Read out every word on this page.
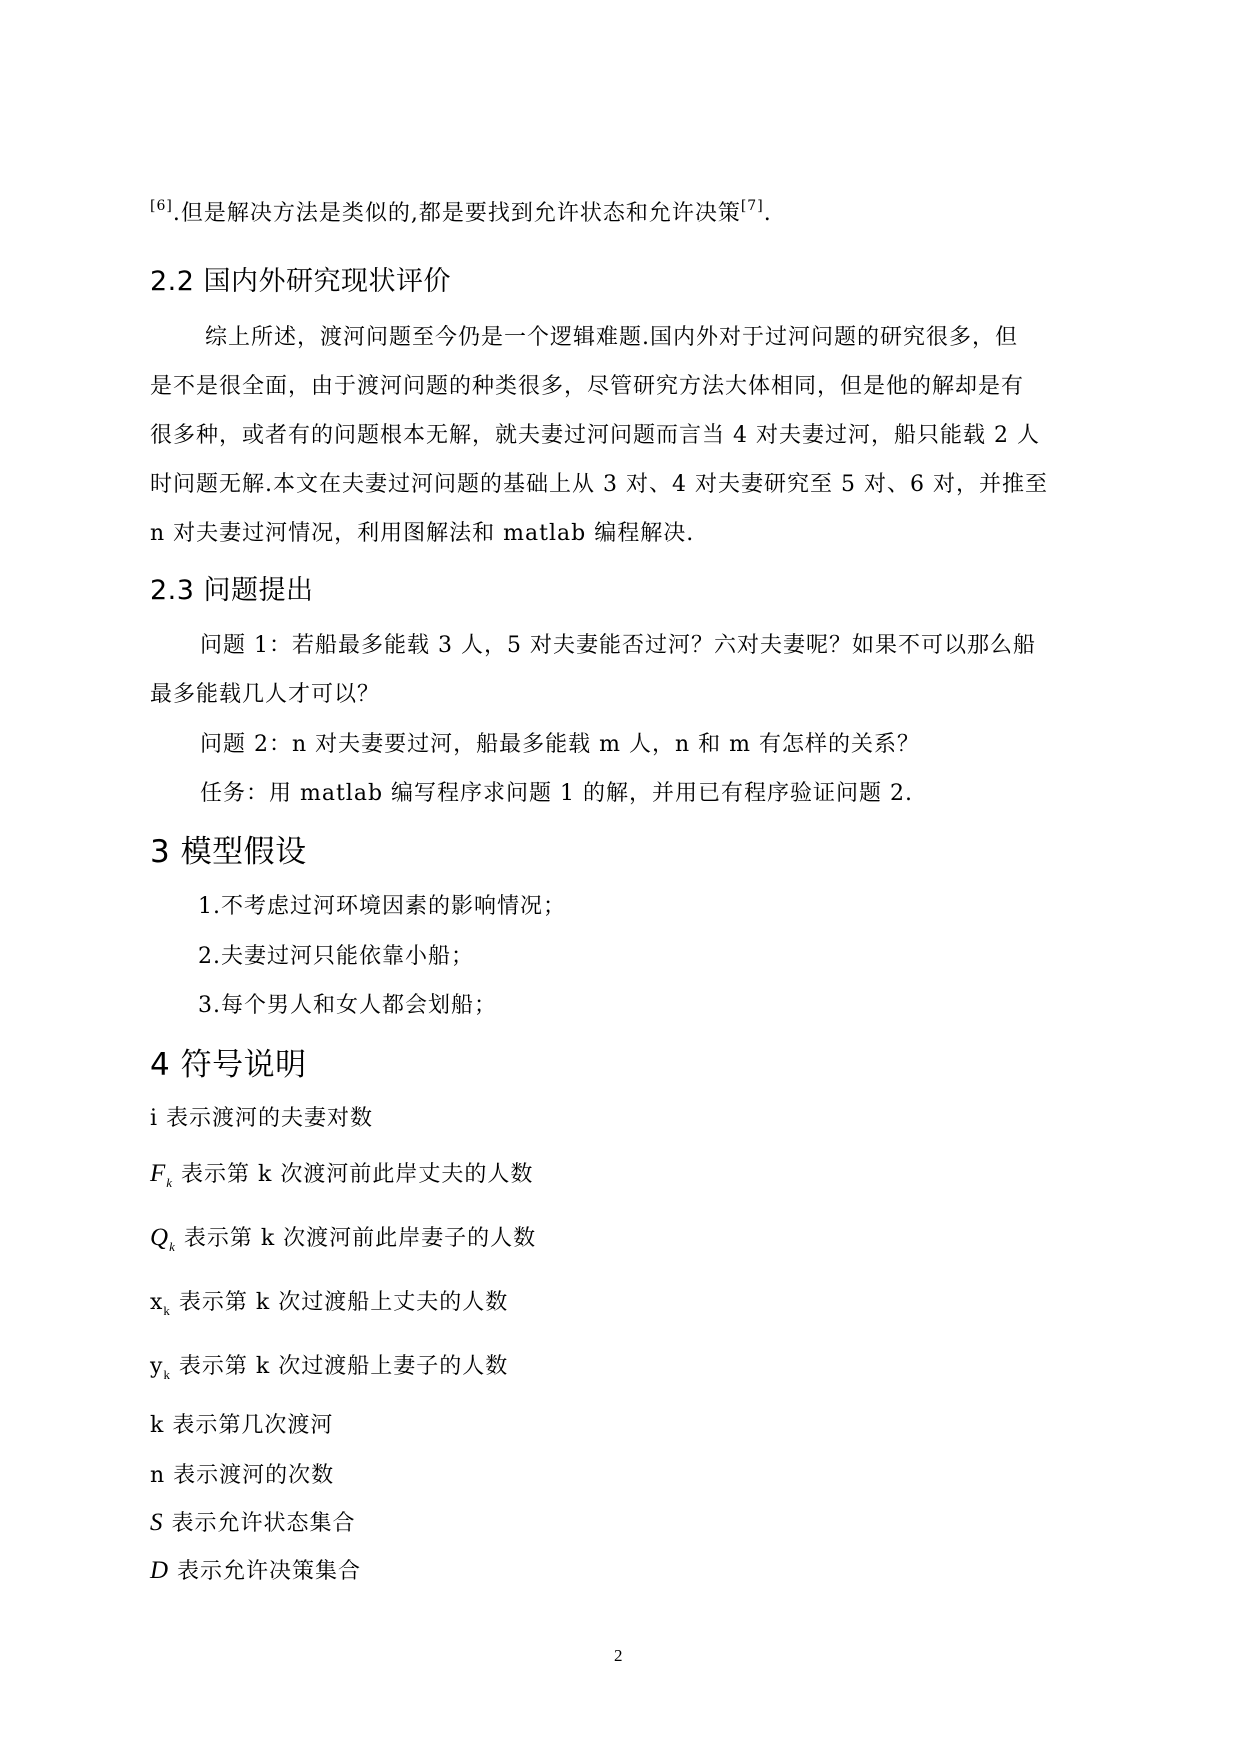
[6].但是解决方法是类似的,都是要找到允许状态和允许决策[7].
2.2 国内外研究现状评价
综上所述，渡河问题至今仍是一个逻辑难题.国内外对于过河问题的研究很多，但
是不是很全面，由于渡河问题的种类很多，尽管研究方法大体相同，但是他的解却是有
很多种，或者有的问题根本无解，就夫妻过河问题而言当 4 对夫妻过河，船只能载 2 人
时问题无解.本文在夫妻过河问题的基础上从 3 对、4 对夫妻研究至 5 对、6 对，并推至
n 对夫妻过河情况，利用图解法和 matlab 编程解决.
2.3 问题提出
问题 1：若船最多能载 3 人，5 对夫妻能否过河？六对夫妻呢？如果不可以那么船
最多能载几人才可以？
问题 2：n 对夫妻要过河，船最多能载 m 人，n 和 m 有怎样的关系？
任务：用 matlab 编写程序求问题 1 的解，并用已有程序验证问题 2.
3 模型假设
1.不考虑过河环境因素的影响情况；
2.夫妻过河只能依靠小船；
3.每个男人和女人都会划船；
4 符号说明
i 表示渡河的夫妻对数
$F_k$ 表示第 k 次渡河前此岸丈夫的人数
$Q_k$ 表示第 k 次渡河前此岸妻子的人数
$x_k$ 表示第 k 次过渡船上丈夫的人数
$y_k$ 表示第 k 次过渡船上妻子的人数
k 表示第几次渡河
n 表示渡河的次数
S 表示允许状态集合
D 表示允许决策集合
2
